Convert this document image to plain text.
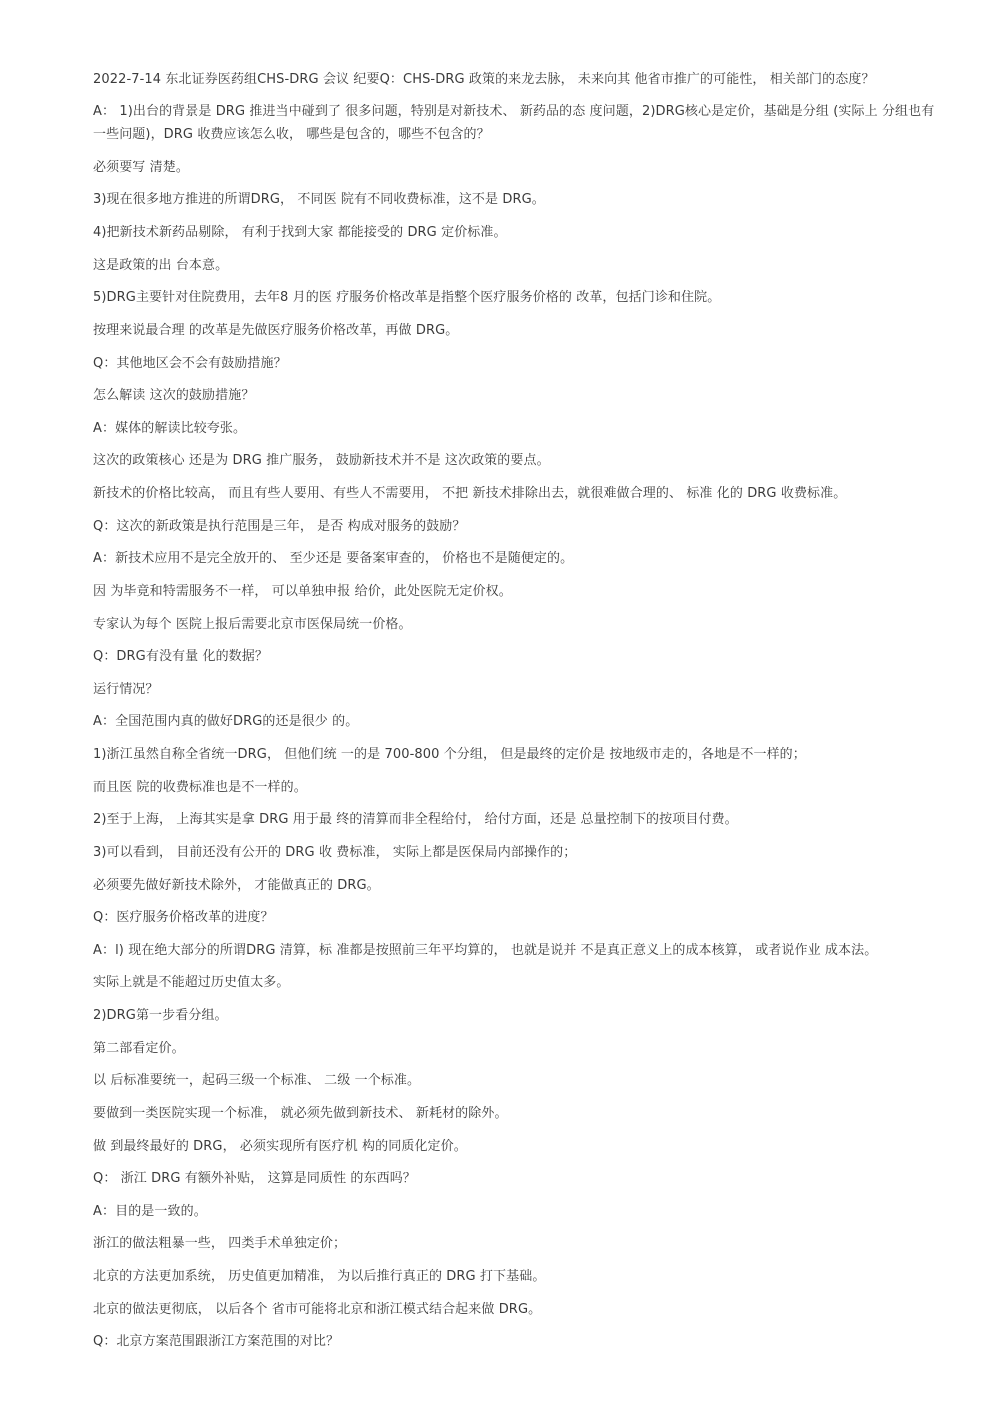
2022-7-14 东北证券医药组CHS-DRG 会议 纪要Q：CHS-DRG 政策的来龙去脉， 未来向其 他省市推广的可能性， 相关部门的态度？

A： 1)出台的背景是 DRG 推进当中碰到了 很多问题，特别是对新技术、 新药品的态 度问题，2)DRG核心是定价，基础是分组 (实际上 分组也有一些问题)，DRG 收费应该怎么收， 哪些是包含的，哪些不包含的？

必须要写 清楚。

3)现在很多地方推进的所谓DRG， 不同医 院有不同收费标准，这不是 DRG。

4)把新技术新药品剔除， 有利于找到大家 都能接受的 DRG 定价标准。

这是政策的出 台本意。

5)DRG主要针对住院费用，去年8 月的医 疗服务价格改革是指整个医疗服务价格的 改革，包括门诊和住院。

按理来说最合理 的改革是先做医疗服务价格改革，再做 DRG。

Q：其他地区会不会有鼓励措施？

怎么解读 这次的鼓励措施？

A：媒体的解读比较夸张。

这次的政策核心 还是为 DRG 推广服务， 鼓励新技术并不是 这次政策的要点。

新技术的价格比较高， 而且有些人要用、有些人不需要用， 不把 新技术排除出去，就很难做合理的、 标准 化的 DRG 收费标准。

Q：这次的新政策是执行范围是三年， 是否 构成对服务的鼓励？

A：新技术应用不是完全放开的、 至少还是 要备案审查的， 价格也不是随便定的。

因 为毕竟和特需服务不一样， 可以单独申报 给价，此处医院无定价权。

专家认为每个 医院上报后需要北京市医保局统一价格。

Q：DRG有没有量 化的数据？

运行情况？

A：全国范围内真的做好DRG的还是很少 的。

1)浙江虽然自称全省统一DRG， 但他们统 一的是 700-800 个分组， 但是最终的定价是 按地级市走的，各地是不一样的；

而且医 院的收费标准也是不一样的。

2)至于上海， 上海其实是拿 DRG 用于最 终的清算而非全程给付， 给付方面，还是 总量控制下的按项目付费。

3)可以看到， 目前还没有公开的 DRG 收 费标准， 实际上都是医保局内部操作的；

必须要先做好新技术除外， 才能做真正的 DRG。

Q：医疗服务价格改革的进度？

A：l) 现在绝大部分的所谓DRG 清算，标 准都是按照前三年平均算的， 也就是说并 不是真正意义上的成本核算， 或者说作业 成本法。

实际上就是不能超过历史值太多。

2)DRG第一步看分组。

第二部看定价。

以 后标准要统一，起码三级一个标准、 二级 一个标准。

要做到一类医院实现一个标准， 就必须先做到新技术、 新耗材的除外。

做 到最终最好的 DRG， 必须实现所有医疗机 构的同质化定价。

Q： 浙江 DRG 有额外补贴， 这算是同质性 的东西吗？

A：目的是一致的。

浙江的做法粗暴一些， 四类手术单独定价；

北京的方法更加系统， 历史值更加精准， 为以后推行真正的 DRG 打下基础。

北京的做法更彻底， 以后各个 省市可能将北京和浙江模式结合起来做 DRG。

Q：北京方案范围跟浙江方案范围的对比？
